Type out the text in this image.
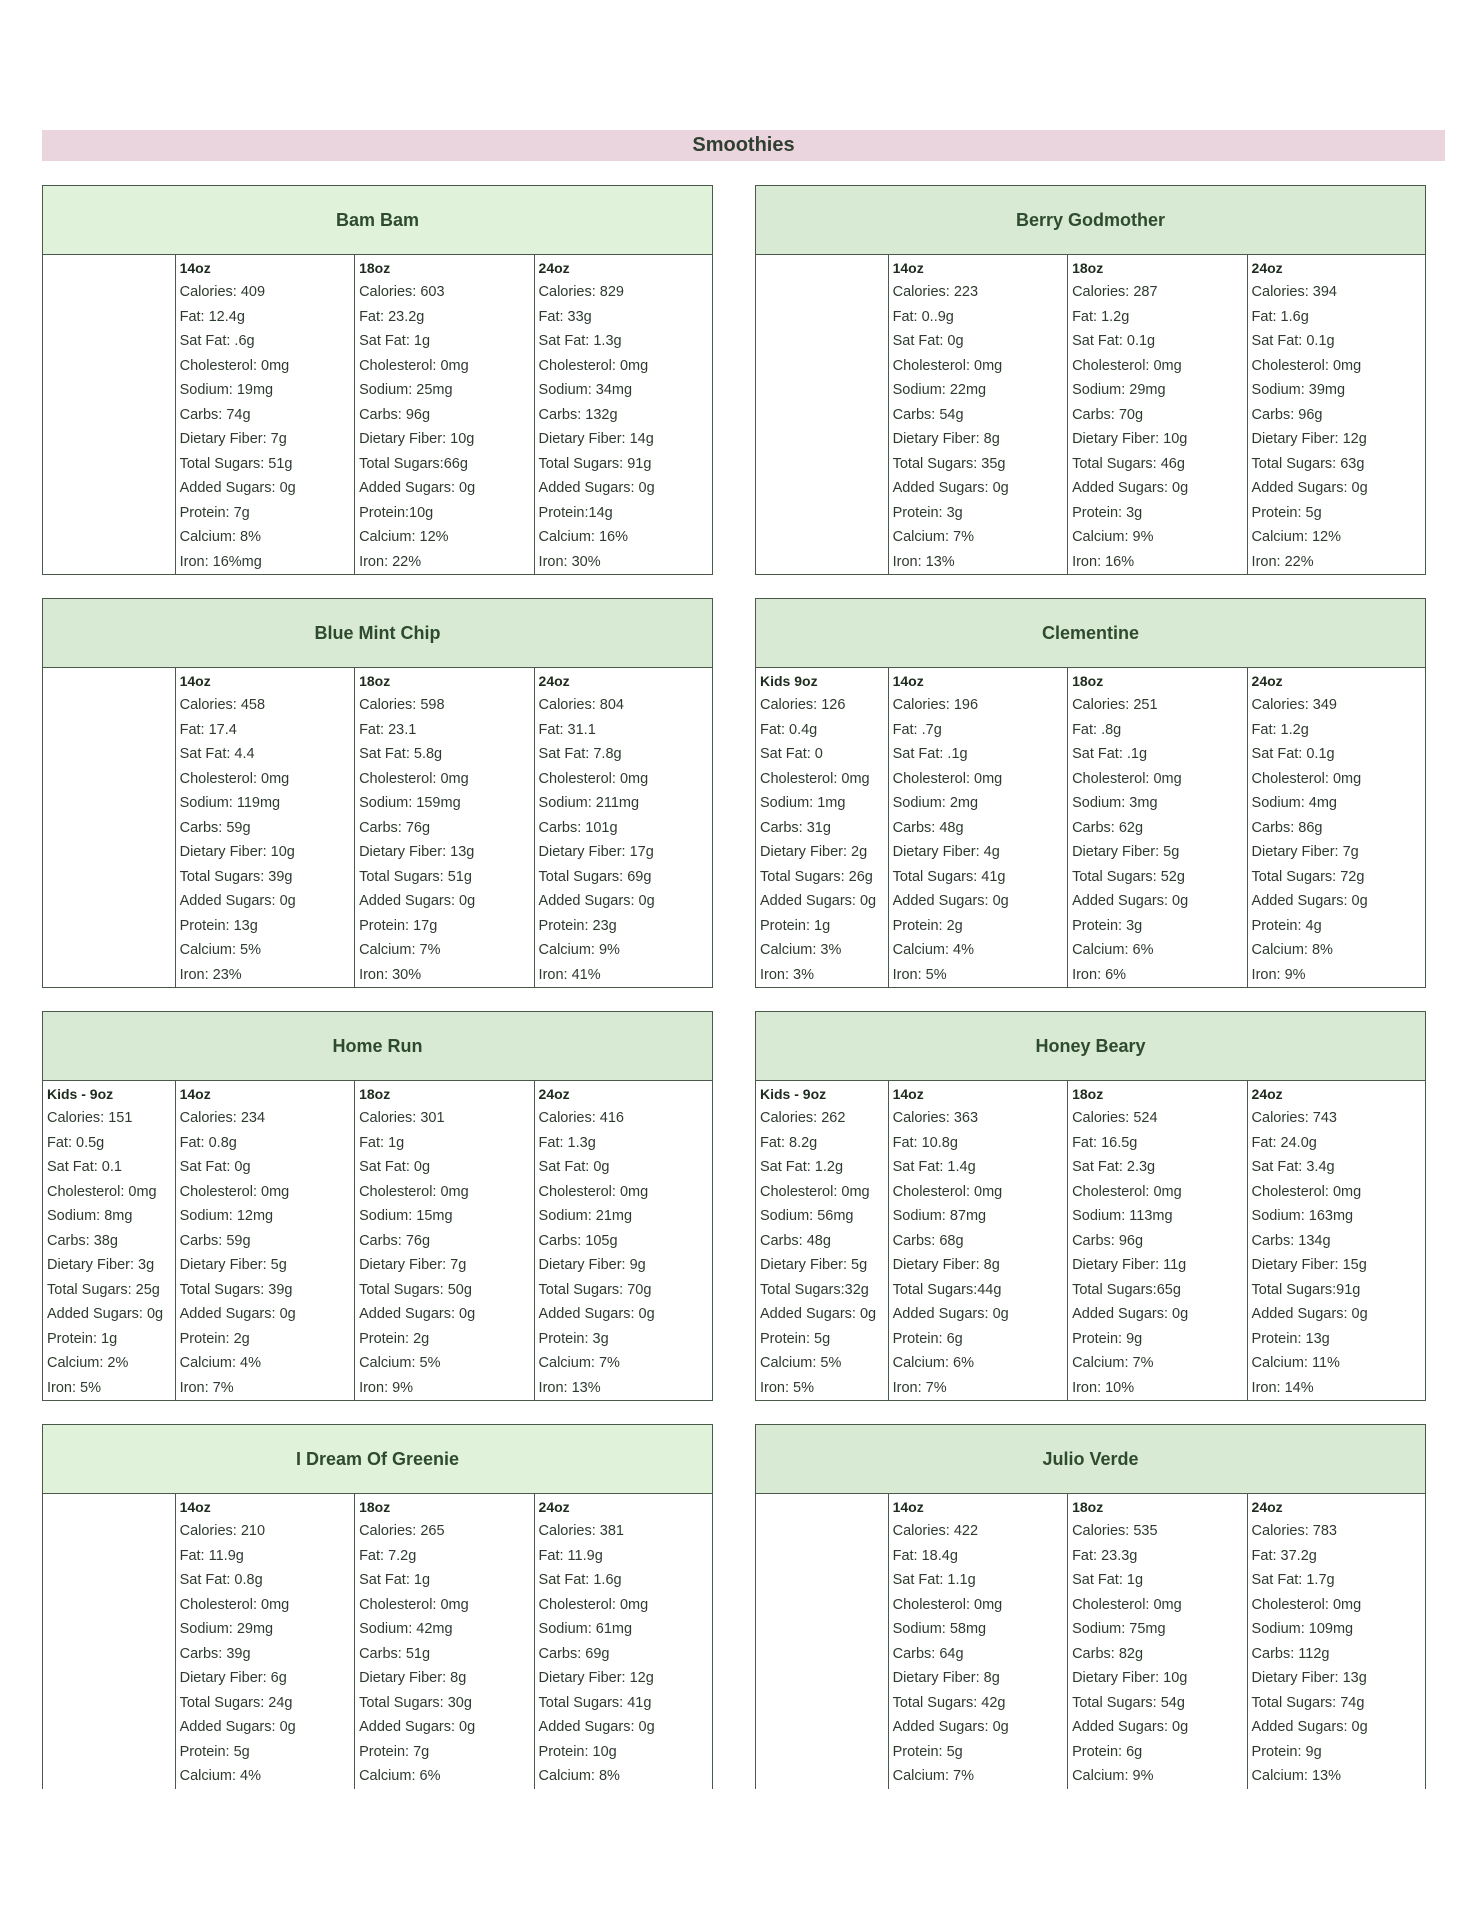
Smoothies
Bam Bam
14oz
Calories: 409
Fat: 12.4g
Sat Fat: .6g
Cholesterol: 0mg
Sodium: 19mg
Carbs: 74g
Dietary Fiber: 7g
Total Sugars: 51g
Added Sugars: 0g
Protein: 7g
Calcium: 8%
Iron: 16%mg
18oz
Calories: 603
Fat: 23.2g
Sat Fat: 1g
Cholesterol: 0mg
Sodium: 25mg
Carbs: 96g
Dietary Fiber: 10g
Total Sugars:66g
Added Sugars: 0g
Protein:10g
Calcium: 12%
Iron: 22%
24oz
Calories: 829
Fat: 33g
Sat Fat: 1.3g
Cholesterol: 0mg
Sodium: 34mg
Carbs: 132g
Dietary Fiber: 14g
Total Sugars: 91g
Added Sugars: 0g
Protein:14g
Calcium: 16%
Iron: 30%
Berry Godmother
14oz
Calories: 223
Fat: 0..9g
Sat Fat: 0g
Cholesterol: 0mg
Sodium: 22mg
Carbs: 54g
Dietary Fiber: 8g
Total Sugars: 35g
Added Sugars: 0g
Protein: 3g
Calcium: 7%
Iron: 13%
18oz
Calories: 287
Fat: 1.2g
Sat Fat: 0.1g
Cholesterol: 0mg
Sodium: 29mg
Carbs: 70g
Dietary Fiber: 10g
Total Sugars: 46g
Added Sugars: 0g
Protein: 3g
Calcium: 9%
Iron: 16%
24oz
Calories: 394
Fat: 1.6g
Sat Fat: 0.1g
Cholesterol: 0mg
Sodium: 39mg
Carbs: 96g
Dietary Fiber: 12g
Total Sugars: 63g
Added Sugars: 0g
Protein: 5g
Calcium: 12%
Iron: 22%
Blue Mint Chip
14oz
Calories: 458
Fat: 17.4
Sat Fat: 4.4
Cholesterol: 0mg
Sodium: 119mg
Carbs: 59g
Dietary Fiber: 10g
Total Sugars: 39g
Added Sugars: 0g
Protein: 13g
Calcium: 5%
Iron: 23%
18oz
Calories: 598
Fat: 23.1
Sat Fat: 5.8g
Cholesterol: 0mg
Sodium: 159mg
Carbs: 76g
Dietary Fiber: 13g
Total Sugars: 51g
Added Sugars: 0g
Protein: 17g
Calcium: 7%
Iron: 30%
24oz
Calories: 804
Fat: 31.1
Sat Fat: 7.8g
Cholesterol: 0mg
Sodium: 211mg
Carbs: 101g
Dietary Fiber: 17g
Total Sugars: 69g
Added Sugars: 0g
Protein: 23g
Calcium: 9%
Iron: 41%
Clementine
Kids 9oz
Calories: 126
Fat: 0.4g
Sat Fat: 0
Cholesterol: 0mg
Sodium: 1mg
Carbs: 31g
Dietary Fiber: 2g
Total Sugars: 26g
Added Sugars: 0g
Protein: 1g
Calcium: 3%
Iron: 3%
14oz
Calories: 196
Fat: .7g
Sat Fat: .1g
Cholesterol: 0mg
Sodium: 2mg
Carbs: 48g
Dietary Fiber: 4g
Total Sugars: 41g
Added Sugars: 0g
Protein: 2g
Calcium: 4%
Iron: 5%
18oz
Calories: 251
Fat: .8g
Sat Fat: .1g
Cholesterol: 0mg
Sodium: 3mg
Carbs: 62g
Dietary Fiber: 5g
Total Sugars: 52g
Added Sugars: 0g
Protein: 3g
Calcium: 6%
Iron: 6%
24oz
Calories: 349
Fat: 1.2g
Sat Fat: 0.1g
Cholesterol: 0mg
Sodium: 4mg
Carbs: 86g
Dietary Fiber: 7g
Total Sugars: 72g
Added Sugars: 0g
Protein: 4g
Calcium: 8%
Iron: 9%
Home Run
Kids - 9oz
Calories: 151
Fat: 0.5g
Sat Fat: 0.1
Cholesterol: 0mg
Sodium: 8mg
Carbs: 38g
Dietary Fiber: 3g
Total Sugars: 25g
Added Sugars: 0g
Protein: 1g
Calcium: 2%
Iron: 5%
14oz
Calories: 234
Fat: 0.8g
Sat Fat: 0g
Cholesterol: 0mg
Sodium: 12mg
Carbs: 59g
Dietary Fiber: 5g
Total Sugars: 39g
Added Sugars: 0g
Protein: 2g
Calcium: 4%
Iron: 7%
18oz
Calories: 301
Fat: 1g
Sat Fat: 0g
Cholesterol: 0mg
Sodium: 15mg
Carbs: 76g
Dietary Fiber: 7g
Total Sugars: 50g
Added Sugars: 0g
Protein: 2g
Calcium: 5%
Iron: 9%
24oz
Calories: 416
Fat: 1.3g
Sat Fat: 0g
Cholesterol: 0mg
Sodium: 21mg
Carbs: 105g
Dietary Fiber: 9g
Total Sugars: 70g
Added Sugars: 0g
Protein: 3g
Calcium: 7%
Iron: 13%
Honey Beary
Kids - 9oz
Calories: 262
Fat: 8.2g
Sat Fat: 1.2g
Cholesterol: 0mg
Sodium: 56mg
Carbs: 48g
Dietary Fiber: 5g
Total Sugars:32g
Added Sugars: 0g
Protein: 5g
Calcium: 5%
Iron: 5%
14oz
Calories: 363
Fat: 10.8g
Sat Fat: 1.4g
Cholesterol: 0mg
Sodium: 87mg
Carbs: 68g
Dietary Fiber: 8g
Total Sugars:44g
Added Sugars: 0g
Protein: 6g
Calcium: 6%
Iron: 7%
18oz
Calories: 524
Fat: 16.5g
Sat Fat: 2.3g
Cholesterol: 0mg
Sodium: 113mg
Carbs: 96g
Dietary Fiber: 11g
Total Sugars:65g
Added Sugars: 0g
Protein: 9g
Calcium: 7%
Iron: 10%
24oz
Calories: 743
Fat: 24.0g
Sat Fat: 3.4g
Cholesterol: 0mg
Sodium: 163mg
Carbs: 134g
Dietary Fiber: 15g
Total Sugars:91g
Added Sugars: 0g
Protein: 13g
Calcium: 11%
Iron: 14%
I Dream Of Greenie
14oz
Calories: 210
Fat: 11.9g
Sat Fat: 0.8g
Cholesterol: 0mg
Sodium: 29mg
Carbs: 39g
Dietary Fiber: 6g
Total Sugars: 24g
Added Sugars: 0g
Protein: 5g
Calcium: 4%
18oz
Calories: 265
Fat: 7.2g
Sat Fat: 1g
Cholesterol: 0mg
Sodium: 42mg
Carbs: 51g
Dietary Fiber: 8g
Total Sugars: 30g
Added Sugars: 0g
Protein: 7g
Calcium: 6%
24oz
Calories: 381
Fat: 11.9g
Sat Fat: 1.6g
Cholesterol: 0mg
Sodium: 61mg
Carbs: 69g
Dietary Fiber: 12g
Total Sugars: 41g
Added Sugars: 0g
Protein: 10g
Calcium: 8%
Julio Verde
14oz
Calories: 422
Fat: 18.4g
Sat Fat: 1.1g
Cholesterol: 0mg
Sodium: 58mg
Carbs: 64g
Dietary Fiber: 8g
Total Sugars: 42g
Added Sugars: 0g
Protein: 5g
Calcium: 7%
18oz
Calories: 535
Fat: 23.3g
Sat Fat: 1g
Cholesterol: 0mg
Sodium: 75mg
Carbs: 82g
Dietary Fiber: 10g
Total Sugars: 54g
Added Sugars: 0g
Protein: 6g
Calcium: 9%
24oz
Calories: 783
Fat: 37.2g
Sat Fat: 1.7g
Cholesterol: 0mg
Sodium: 109mg
Carbs: 112g
Dietary Fiber: 13g
Total Sugars: 74g
Added Sugars: 0g
Protein: 9g
Calcium: 13%
